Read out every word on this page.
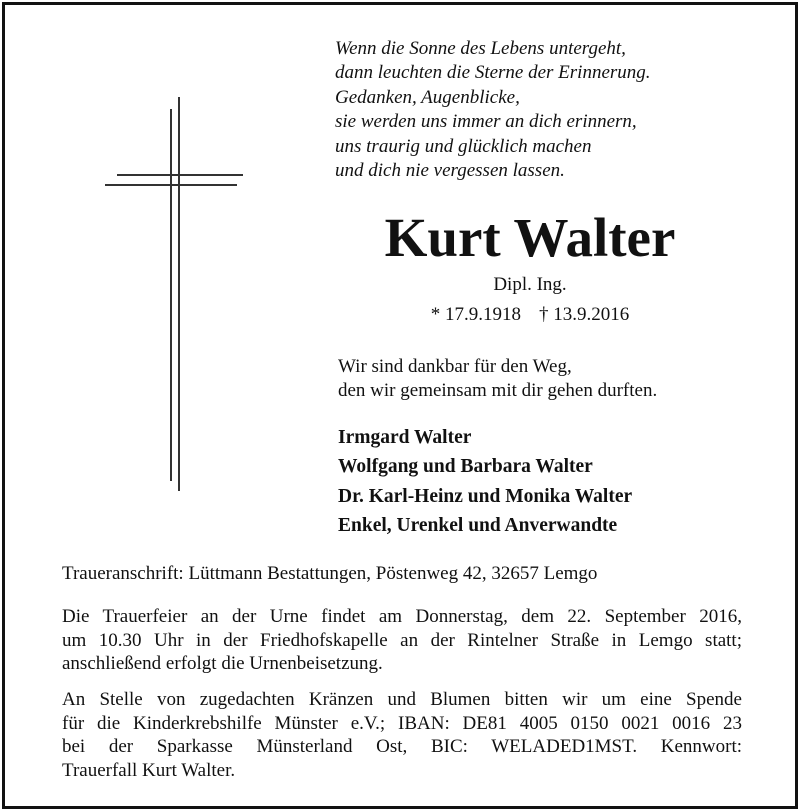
Wenn die Sonne des Lebens untergeht,
dann leuchten die Sterne der Erinnerung.
Gedanken, Augenblicke,
sie werden uns immer an dich erinnern,
uns traurig und glücklich machen
und dich nie vergessen lassen.
Kurt Walter
Dipl. Ing.
* 17.9.1918 † 13.9.2016
Wir sind dankbar für den Weg,
den wir gemeinsam mit dir gehen durften.
Irmgard Walter
Wolfgang und Barbara Walter
Dr. Karl-Heinz und Monika Walter
Enkel, Urenkel und Anverwandte
Traueranschrift: Lüttmann Bestattungen, Pöstenweg 42, 32657 Lemgo
Die Trauerfeier an der Urne findet am Donnerstag, dem 22. September 2016,
um 10.30 Uhr in der Friedhofskapelle an der Rintelner Straße in Lemgo statt;
anschließend erfolgt die Urnenbeisetzung.
An Stelle von zugedachten Kränzen und Blumen bitten wir um eine Spende
für die Kinderkrebshilfe Münster e.V.; IBAN: DE81 4005 0150 0021 0016 23
bei der Sparkasse Münsterland Ost, BIC: WELADED1MST. Kennwort:
Trauerfall Kurt Walter.
